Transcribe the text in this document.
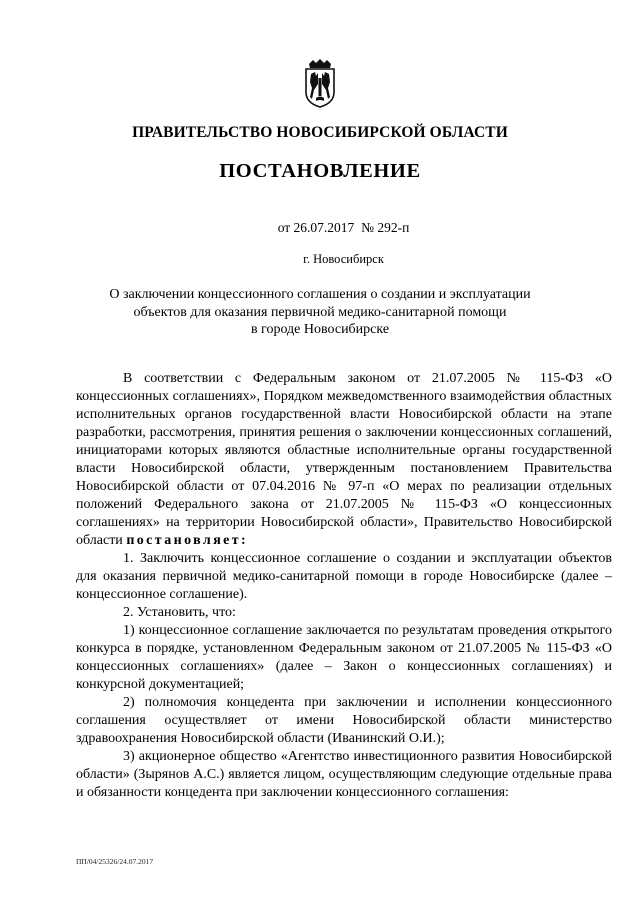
ПРАВИТЕЛЬСТВО НОВОСИБИРСКОЙ ОБЛАСТИ
ПОСТАНОВЛЕНИЕ
от 26.07.2017 № 292-п
г. Новосибирск
О заключении концессионного соглашения о создании и эксплуатации
объектов для оказания первичной медико-санитарной помощи
в городе Новосибирске

В соответствии с Федеральным законом от 21.07.2005 № 115-ФЗ «О концессионных соглашениях», Порядком межведомственного взаимодействия областных исполнительных органов государственной власти Новосибирской области на этапе разработки, рассмотрения, принятия решения о заключении концессионных соглашений, инициаторами которых являются областные исполнительные органы государственной власти Новосибирской области, утвержденным постановлением Правительства Новосибирской области от 07.04.2016 № 97-п «О мерах по реализации отдельных положений Федерального закона от 21.07.2005 № 115-ФЗ «О концессионных соглашениях» на территории Новосибирской области», Правительство Новосибирской области постановляет:

1. Заключить концессионное соглашение о создании и эксплуатации объектов для оказания первичной медико-санитарной помощи в городе Новосибирске (далее – концессионное соглашение).

2. Установить, что:

1) концессионное соглашение заключается по результатам проведения открытого конкурса в порядке, установленном Федеральным законом от 21.07.2005 № 115-ФЗ «О концессионных соглашениях» (далее – Закон о концессионных соглашениях) и конкурсной документацией;

2) полномочия концедента при заключении и исполнении концессионного соглашения осуществляет от имени Новосибирской области министерство здравоохранения Новосибирской области (Иванинский О.И.);

3) акционерное общество «Агентство инвестиционного развития Новосибирской области» (Зырянов А.С.) является лицом, осуществляющим следующие отдельные права и обязанности концедента при заключении концессионного соглашения:

ПП/04/25326/24.07.2017
